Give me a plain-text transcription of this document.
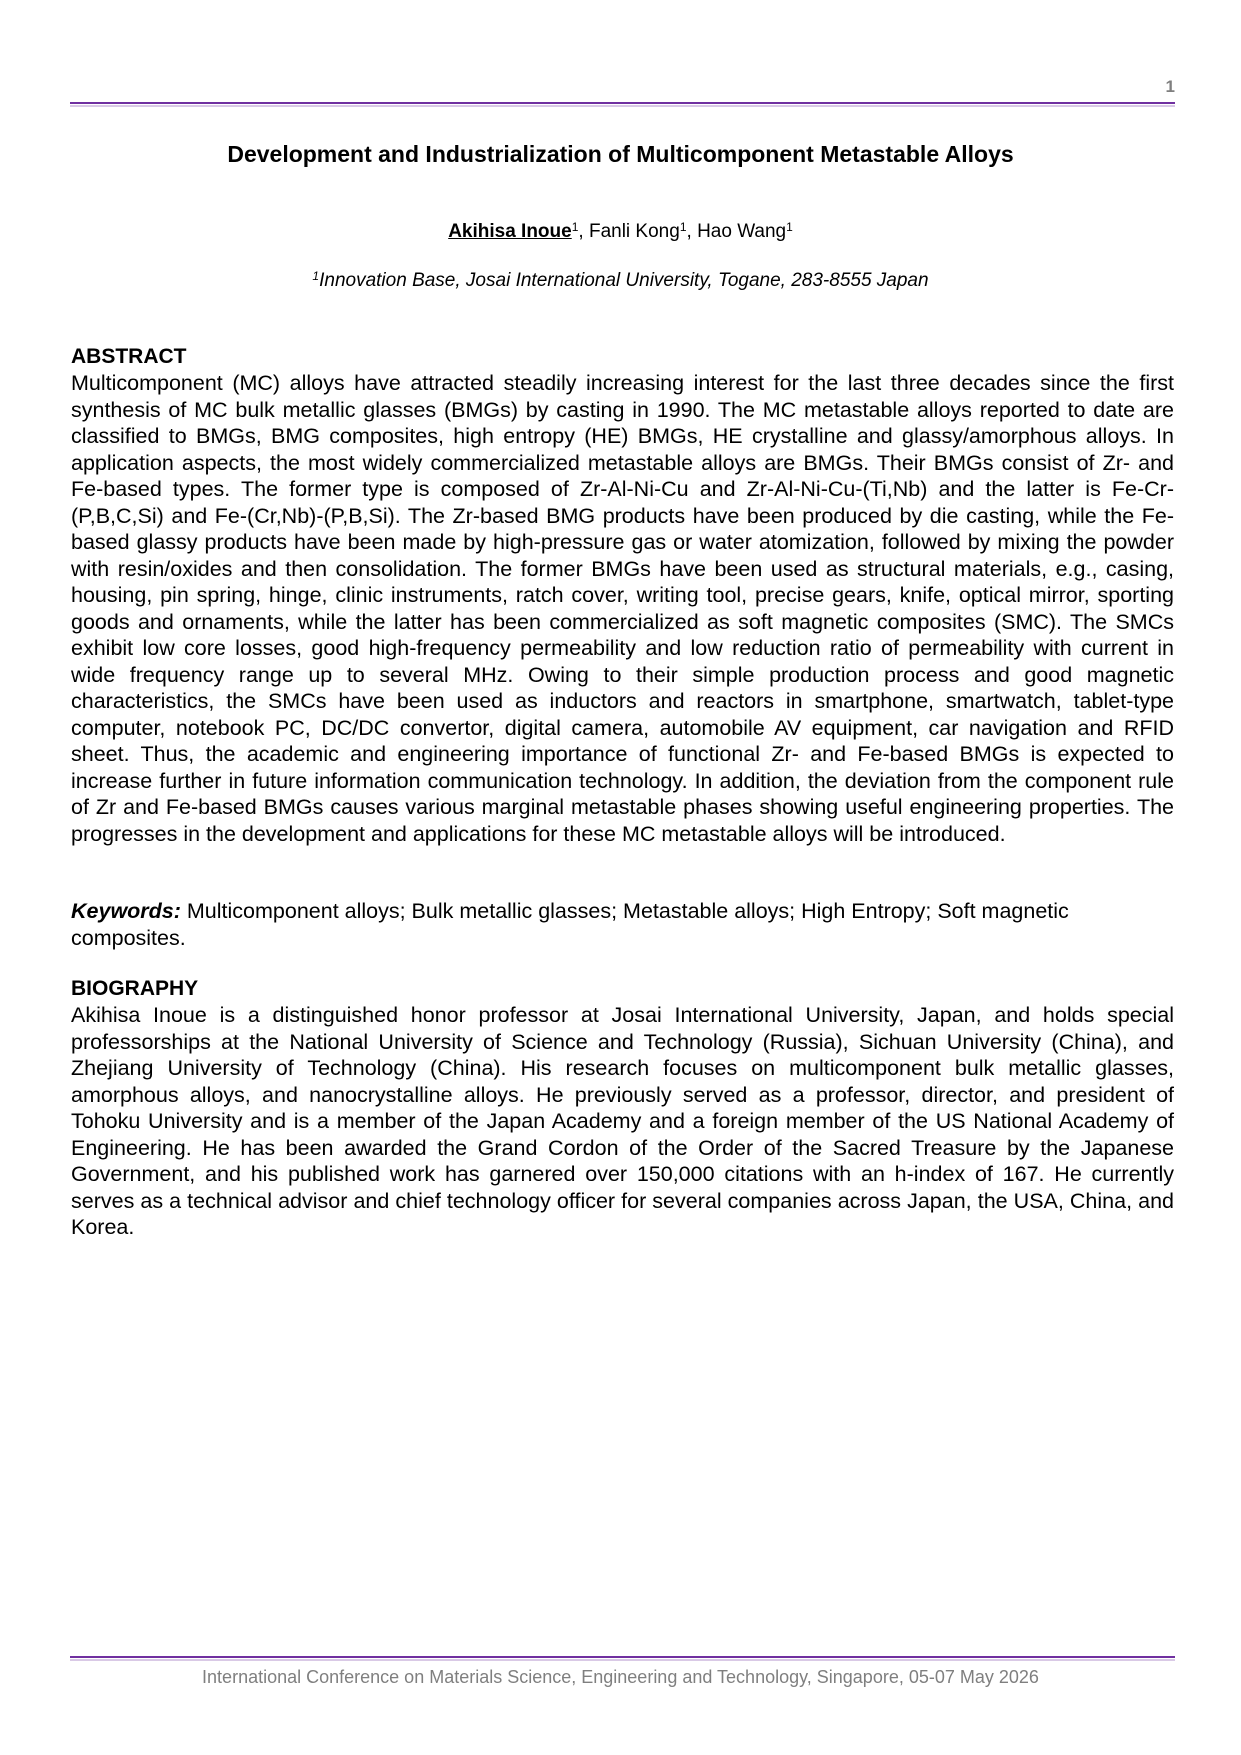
1
Development and Industrialization of Multicomponent Metastable Alloys
Akihisa Inoue$^1$, Fanli Kong$^1$, Hao Wang$^1$
$^1$Innovation Base, Josai International University, Togane, 283-8555 Japan

ABSTRACT

Multicomponent (MC) alloys have attracted steadily increasing interest for the last three decades since the first synthesis of MC bulk metallic glasses (BMGs) by casting in 1990. The MC metastable alloys reported to date are classified to BMGs, BMG composites, high entropy (HE) BMGs, HE crystalline and glassy/amorphous alloys. In application aspects, the most widely commercialized metastable alloys are BMGs. Their BMGs consist of Zr- and Fe-based types. The former type is composed of Zr-Al-Ni-Cu and Zr-Al-Ni-Cu-(Ti,Nb) and the latter is Fe-Cr-(P,B,C,Si) and Fe-(Cr,Nb)-(P,B,Si). The Zr-based BMG products have been produced by die casting, while the Fe-based glassy products have been made by high-pressure gas or water atomization, followed by mixing the powder with resin/oxides and then consolidation. The former BMGs have been used as structural materials, e.g., casing, housing, pin spring, hinge, clinic instruments, ratch cover, writing tool, precise gears, knife, optical mirror, sporting goods and ornaments, while the latter has been commercialized as soft magnetic composites (SMC). The SMCs exhibit low core losses, good high-frequency permeability and low reduction ratio of permeability with current in wide frequency range up to several MHz. Owing to their simple production process and good magnetic characteristics, the SMCs have been used as inductors and reactors in smartphone, smartwatch, tablet-type computer, notebook PC, DC/DC convertor, digital camera, automobile AV equipment, car navigation and RFID sheet. Thus, the academic and engineering importance of functional Zr- and Fe-based BMGs is expected to increase further in future information communication technology. In addition, the deviation from the component rule of Zr and Fe-based BMGs causes various marginal metastable phases showing useful engineering properties. The progresses in the development and applications for these MC metastable alloys will be introduced.

Keywords: Multicomponent alloys; Bulk metallic glasses; Metastable alloys; High Entropy; Soft magnetic composites.

BIOGRAPHY

Akihisa Inoue is a distinguished honor professor at Josai International University, Japan, and holds special professorships at the National University of Science and Technology (Russia), Sichuan University (China), and Zhejiang University of Technology (China). His research focuses on multicomponent bulk metallic glasses, amorphous alloys, and nanocrystalline alloys. He previously served as a professor, director, and president of Tohoku University and is a member of the Japan Academy and a foreign member of the US National Academy of Engineering. He has been awarded the Grand Cordon of the Order of the Sacred Treasure by the Japanese Government, and his published work has garnered over 150,000 citations with an h-index of 167. He currently serves as a technical advisor and chief technology officer for several companies across Japan, the USA, China, and Korea.

International Conference on Materials Science, Engineering and Technology, Singapore, 05-07 May 2026
